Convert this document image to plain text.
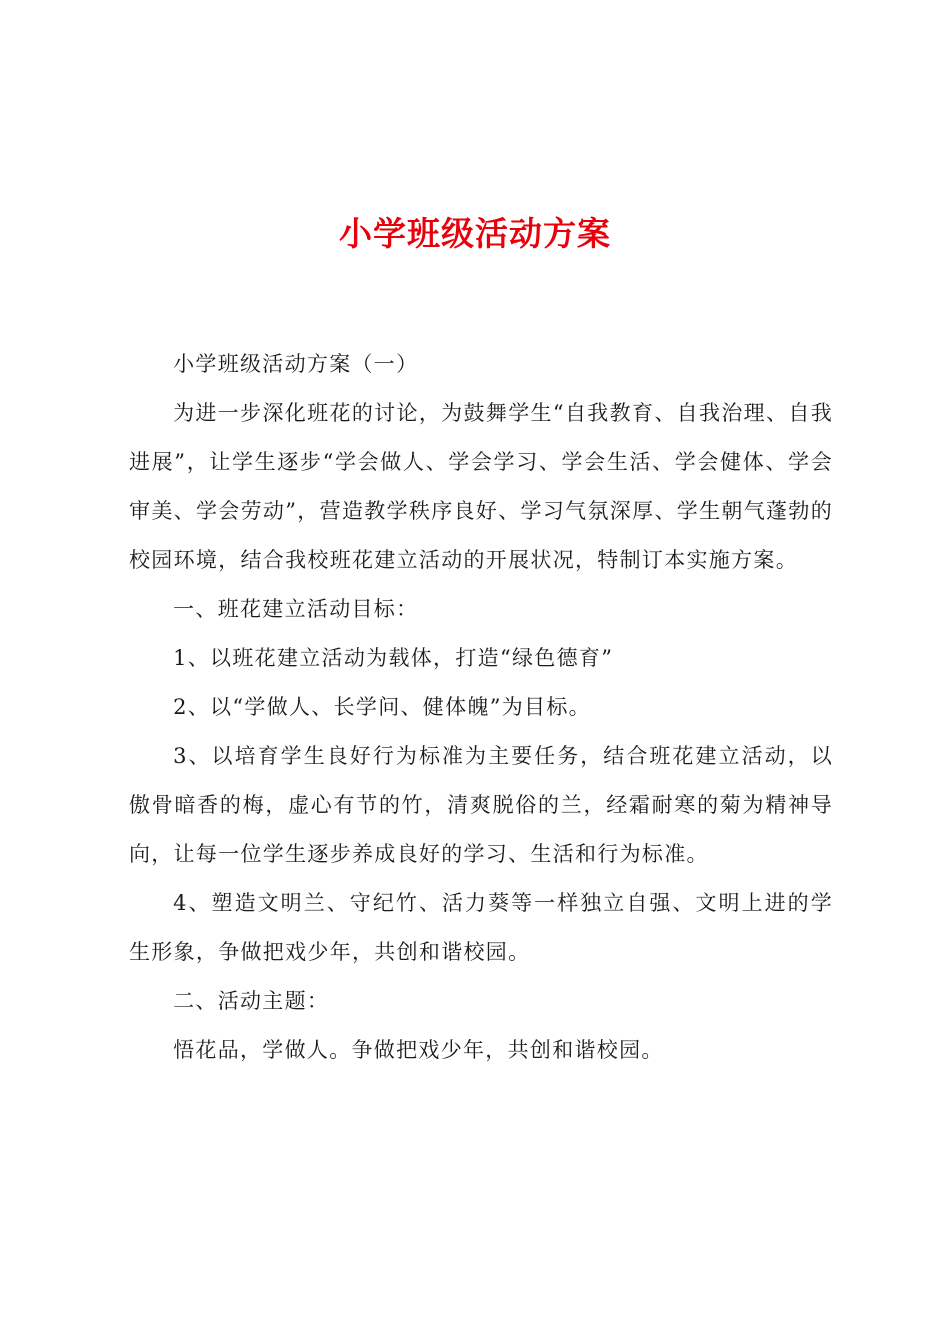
小学班级活动方案

小学班级活动方案（一）

为进一步深化班花的讨论，为鼓舞学生“自我教育、自我治理、自我进展”，让学生逐步“学会做人、学会学习、学会生活、学会健体、学会审美、学会劳动”，营造教学秩序良好、学习气氛深厚、学生朝气蓬勃的校园环境，结合我校班花建立活动的开展状况，特制订本实施方案。

一、班花建立活动目标：

1、以班花建立活动为载体，打造“绿色德育”

2、以“学做人、长学问、健体魄”为目标。

3、以培育学生良好行为标准为主要任务，结合班花建立活动，以傲骨暗香的梅，虚心有节的竹，清爽脱俗的兰，经霜耐寒的菊为精神导向，让每一位学生逐步养成良好的学习、生活和行为标准。

4、塑造文明兰、守纪竹、活力葵等一样独立自强、文明上进的学生形象，争做把戏少年，共创和谐校园。

二、活动主题：

悟花品，学做人。争做把戏少年，共创和谐校园。
